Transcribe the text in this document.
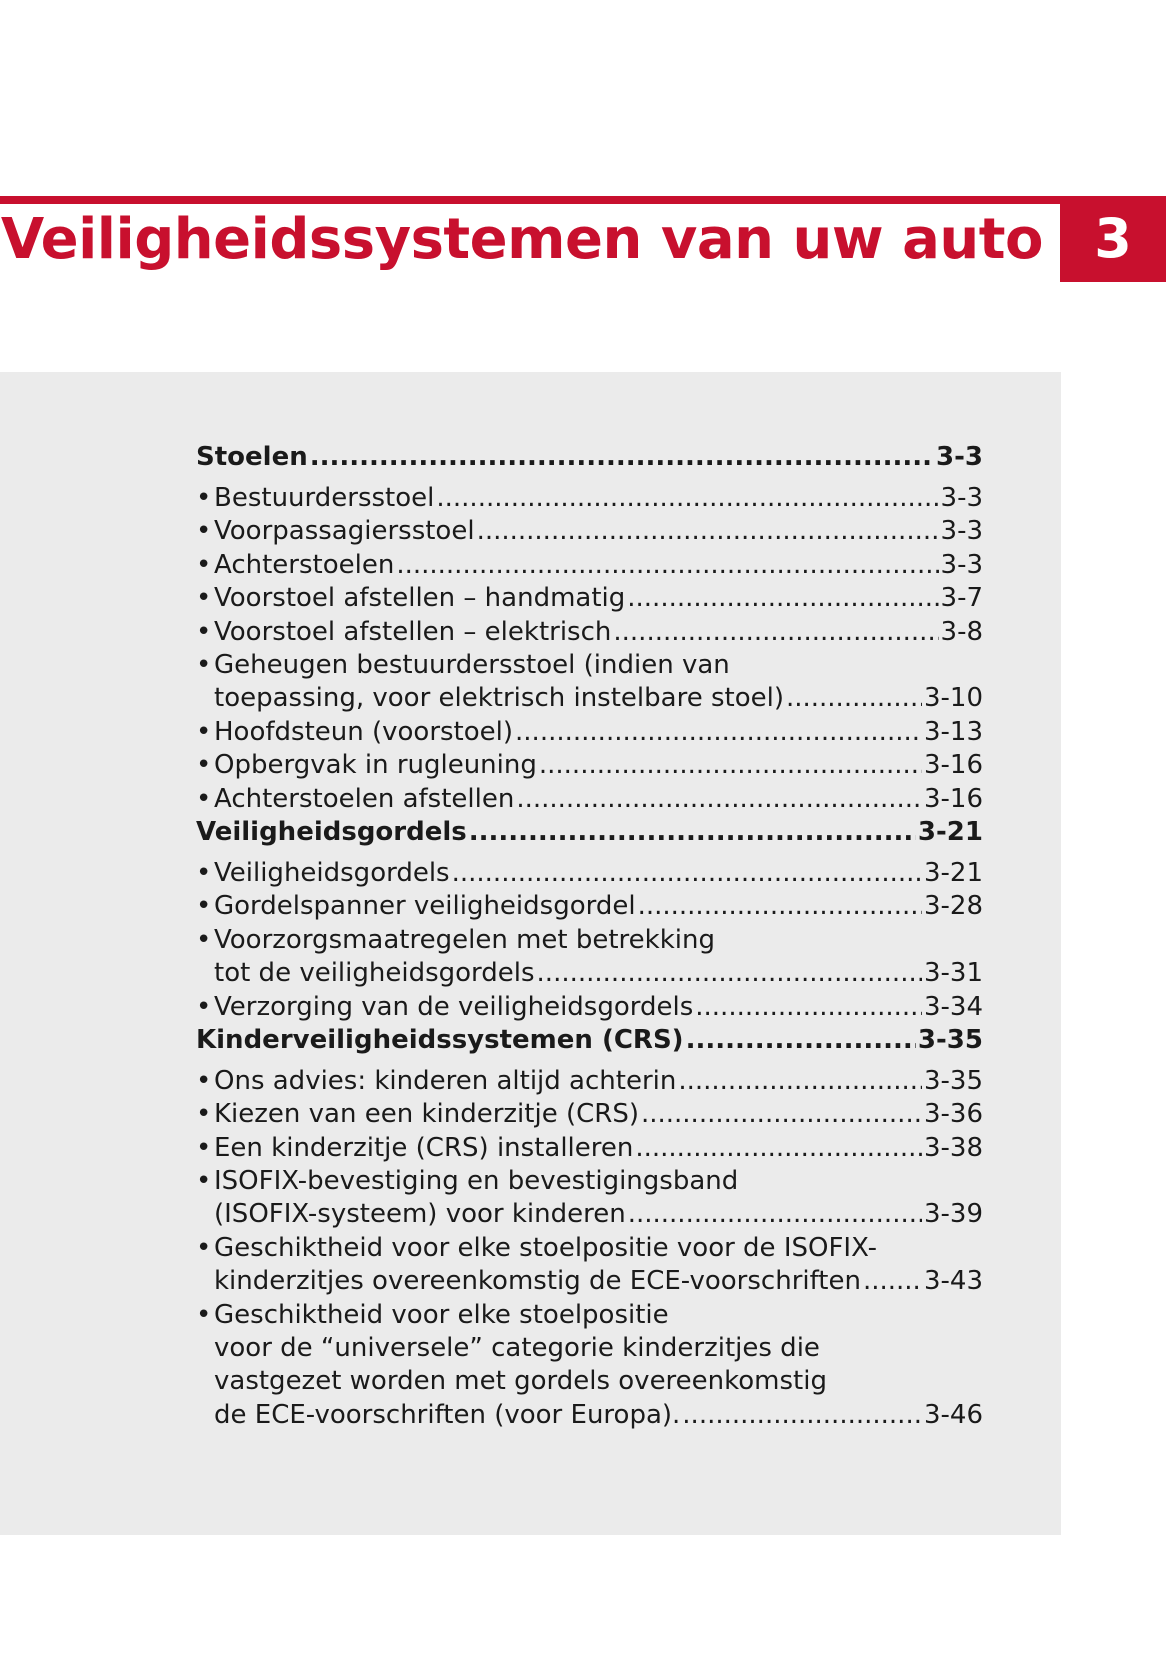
Veiligheidssystemen van uw auto 3
Stoelen .....	3-3
• Bestuurdersstoel .....	3-3
• Voorpassagiersstoel .....	3-3
• Achterstoelen .....	3-3
• Voorstoel afstellen – handmatig .....	3-7
• Voorstoel afstellen – elektrisch .....	3-8
• Geheugen bestuurdersstoel (indien van
toepassing, voor elektrisch instelbare stoel) .....	3-10
• Hoofdsteun (voorstoel) .....	3-13
• Opbergvak in rugleuning .....	3-16
• Achterstoelen afstellen .....	3-16
Veiligheidsgordels .....	3-21
• Veiligheidsgordels .....	3-21
• Gordelspanner veiligheidsgordel .....	3-28
• Voorzorgsmaatregelen met betrekking
tot de veiligheidsgordels .....	3-31
• Verzorging van de veiligheidsgordels .....	3-34
Kinderveiligheidssystemen (CRS) .....	3-35
• Ons advies: kinderen altijd achterin .....	3-35
• Kiezen van een kinderzitje (CRS) .....	3-36
• Een kinderzitje (CRS) installeren .....	3-38
• ISOFIX-bevestiging en bevestigingsband
(ISOFIX-systeem) voor kinderen .....	3-39
• Geschiktheid voor elke stoelpositie voor de ISOFIX-
kinderzitjes overeenkomstig de ECE-voorschriften ..... 3-43
• Geschiktheid voor elke stoelpositie
voor de “universele” categorie kinderzitjes die
vastgezet worden met gordels overeenkomstig
de ECE-voorschriften (voor Europa). .....	3-46
